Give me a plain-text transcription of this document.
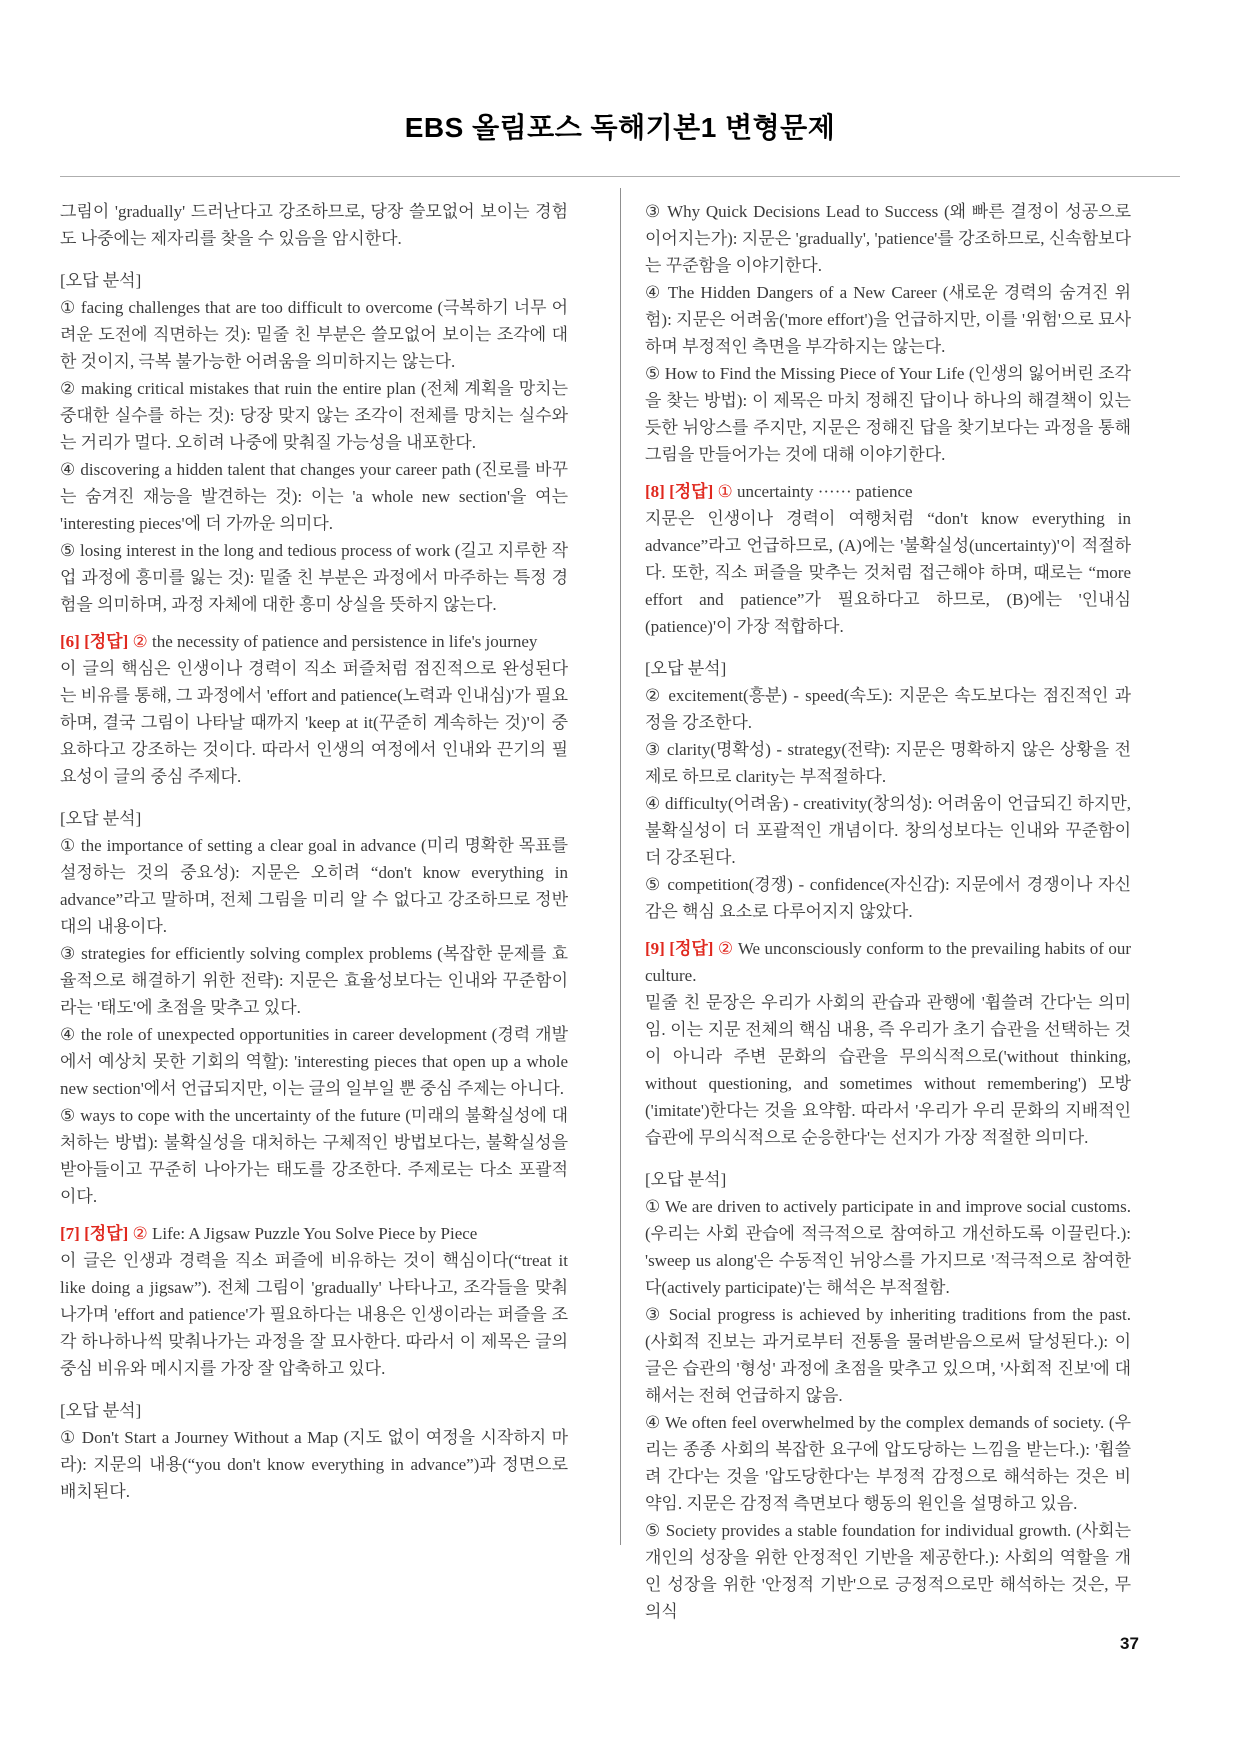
EBS 올림포스 독해기본1 변형문제

그림이 'gradually' 드러난다고 강조하므로, 당장 쓸모없어 보이는 경험도 나중에는 제자리를 찾을 수 있음을 암시한다.

[오답 분석]

① facing challenges that are too difficult to overcome (극복하기 너무 어려운 도전에 직면하는 것): 밑줄 친 부분은 쓸모없어 보이는 조각에 대한 것이지, 극복 불가능한 어려움을 의미하지는 않는다.

② making critical mistakes that ruin the entire plan (전체 계획을 망치는 중대한 실수를 하는 것): 당장 맞지 않는 조각이 전체를 망치는 실수와는 거리가 멀다. 오히려 나중에 맞춰질 가능성을 내포한다.

④ discovering a hidden talent that changes your career path (진로를 바꾸는 숨겨진 재능을 발견하는 것): 이는 'a whole new section'을 여는 'interesting pieces'에 더 가까운 의미다.

⑤ losing interest in the long and tedious process of work (길고 지루한 작업 과정에 흥미를 잃는 것): 밑줄 친 부분은 과정에서 마주하는 특정 경험을 의미하며, 과정 자체에 대한 흥미 상실을 뜻하지 않는다.

[6] [정답] ② the necessity of patience and persistence in life's journey

이 글의 핵심은 인생이나 경력이 직소 퍼즐처럼 점진적으로 완성된다는 비유를 통해, 그 과정에서 'effort and patience(노력과 인내심)'가 필요하며, 결국 그림이 나타날 때까지 'keep at it(꾸준히 계속하는 것)'이 중요하다고 강조하는 것이다. 따라서 인생의 여정에서 인내와 끈기의 필요성이 글의 중심 주제다.

[오답 분석]

① the importance of setting a clear goal in advance (미리 명확한 목표를 설정하는 것의 중요성): 지문은 오히려 “don't know everything in advance”라고 말하며, 전체 그림을 미리 알 수 없다고 강조하므로 정반대의 내용이다.

③ strategies for efficiently solving complex problems (복잡한 문제를 효율적으로 해결하기 위한 전략): 지문은 효율성보다는 인내와 꾸준함이라는 '태도'에 초점을 맞추고 있다.

④ the role of unexpected opportunities in career development (경력 개발에서 예상치 못한 기회의 역할): 'interesting pieces that open up a whole new section'에서 언급되지만, 이는 글의 일부일 뿐 중심 주제는 아니다.

⑤ ways to cope with the uncertainty of the future (미래의 불확실성에 대처하는 방법): 불확실성을 대처하는 구체적인 방법보다는, 불확실성을 받아들이고 꾸준히 나아가는 태도를 강조한다. 주제로는 다소 포괄적이다.

[7] [정답] ② Life: A Jigsaw Puzzle You Solve Piece by Piece

이 글은 인생과 경력을 직소 퍼즐에 비유하는 것이 핵심이다(“treat it like doing a jigsaw”). 전체 그림이 'gradually' 나타나고, 조각들을 맞춰나가며 'effort and patience'가 필요하다는 내용은 인생이라는 퍼즐을 조각 하나하나씩 맞춰나가는 과정을 잘 묘사한다. 따라서 이 제목은 글의 중심 비유와 메시지를 가장 잘 압축하고 있다.

[오답 분석]

① Don't Start a Journey Without a Map (지도 없이 여정을 시작하지 마라): 지문의 내용(“you don't know everything in advance”)과 정면으로 배치된다.

③ Why Quick Decisions Lead to Success (왜 빠른 결정이 성공으로 이어지는가): 지문은 'gradually', 'patience'를 강조하므로, 신속함보다는 꾸준함을 이야기한다.

④ The Hidden Dangers of a New Career (새로운 경력의 숨겨진 위험): 지문은 어려움('more effort')을 언급하지만, 이를 '위험'으로 묘사하며 부정적인 측면을 부각하지는 않는다.

⑤ How to Find the Missing Piece of Your Life (인생의 잃어버린 조각을 찾는 방법): 이 제목은 마치 정해진 답이나 하나의 해결책이 있는 듯한 뉘앙스를 주지만, 지문은 정해진 답을 찾기보다는 과정을 통해 그림을 만들어가는 것에 대해 이야기한다.

[8] [정답] ① uncertainty ······ patience

지문은 인생이나 경력이 여행처럼 “don't know everything in advance”라고 언급하므로, (A)에는 '불확실성(uncertainty)'이 적절하다. 또한, 직소 퍼즐을 맞추는 것처럼 접근해야 하며, 때로는 “more effort and patience”가 필요하다고 하므로, (B)에는 '인내심(patience)'이 가장 적합하다.

[오답 분석]

② excitement(흥분) - speed(속도): 지문은 속도보다는 점진적인 과정을 강조한다.

③ clarity(명확성) - strategy(전략): 지문은 명확하지 않은 상황을 전제로 하므로 clarity는 부적절하다.

④ difficulty(어려움) - creativity(창의성): 어려움이 언급되긴 하지만, 불확실성이 더 포괄적인 개념이다. 창의성보다는 인내와 꾸준함이 더 강조된다.

⑤ competition(경쟁) - confidence(자신감): 지문에서 경쟁이나 자신감은 핵심 요소로 다루어지지 않았다.

[9] [정답] ② We unconsciously conform to the prevailing habits of our culture.

밑줄 친 문장은 우리가 사회의 관습과 관행에 '휩쓸려 간다'는 의미임. 이는 지문 전체의 핵심 내용, 즉 우리가 초기 습관을 선택하는 것이 아니라 주변 문화의 습관을 무의식적으로('without thinking, without questioning, and sometimes without remembering') 모방('imitate')한다는 것을 요약함. 따라서 '우리가 우리 문화의 지배적인 습관에 무의식적으로 순응한다'는 선지가 가장 적절한 의미다.

[오답 분석]

① We are driven to actively participate in and improve social customs. (우리는 사회 관습에 적극적으로 참여하고 개선하도록 이끌린다.): 'sweep us along'은 수동적인 뉘앙스를 가지므로 '적극적으로 참여한다(actively participate)'는 해석은 부적절함.

③ Social progress is achieved by inheriting traditions from the past. (사회적 진보는 과거로부터 전통을 물려받음으로써 달성된다.): 이 글은 습관의 '형성' 과정에 초점을 맞추고 있으며, '사회적 진보'에 대해서는 전혀 언급하지 않음.

④ We often feel overwhelmed by the complex demands of society. (우리는 종종 사회의 복잡한 요구에 압도당하는 느낌을 받는다.): '휩쓸려 간다'는 것을 '압도당한다'는 부정적 감정으로 해석하는 것은 비약임. 지문은 감정적 측면보다 행동의 원인을 설명하고 있음.

⑤ Society provides a stable foundation for individual growth. (사회는 개인의 성장을 위한 안정적인 기반을 제공한다.): 사회의 역할을 개인 성장을 위한 '안정적 기반'으로 긍정적으로만 해석하는 것은, 무의식

37
